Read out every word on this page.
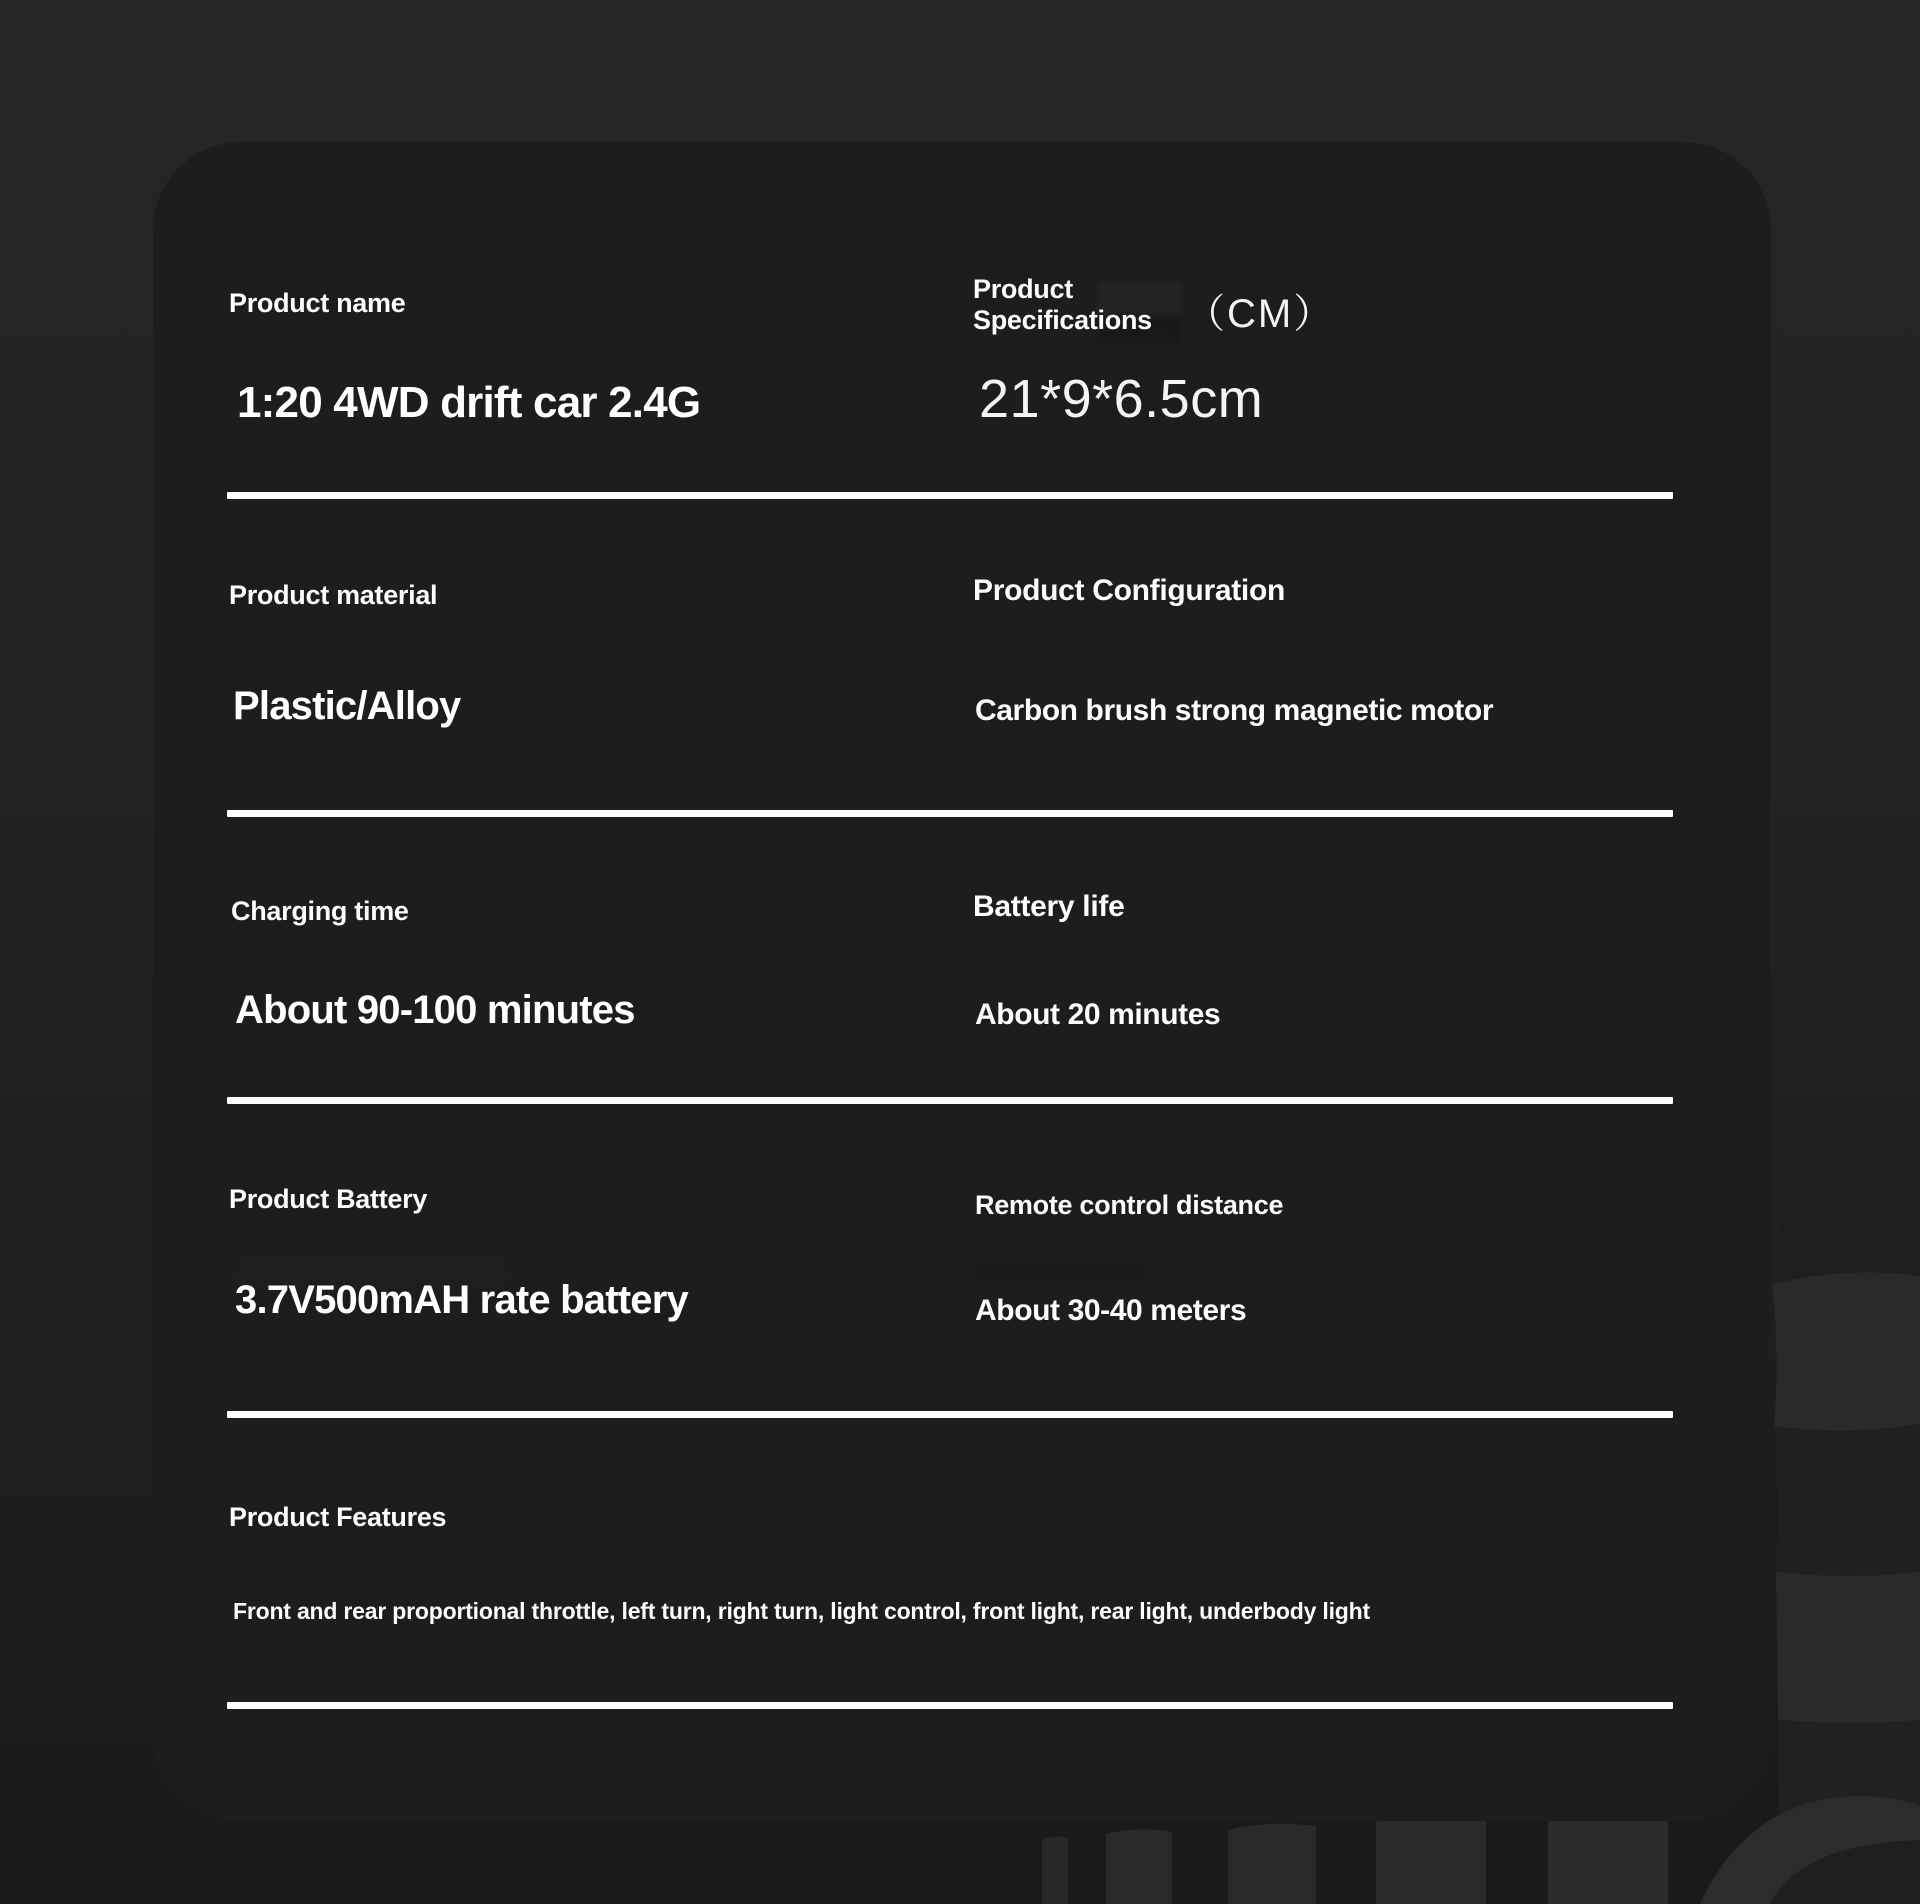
Product name	Product Specifications （CM）
1:20 4WD drift car 2.4G	21*9*6.5cm
Product material	Product Configuration
Plastic/Alloy	Carbon brush strong magnetic motor
Charging time	Battery life
About 90-100 minutes	About 20 minutes
Product Battery	Remote control distance
3.7V500mAH rate battery	About 30-40 meters
Product Features
Front and rear proportional throttle, left turn, right turn, light control, front light, rear light, underbody light
